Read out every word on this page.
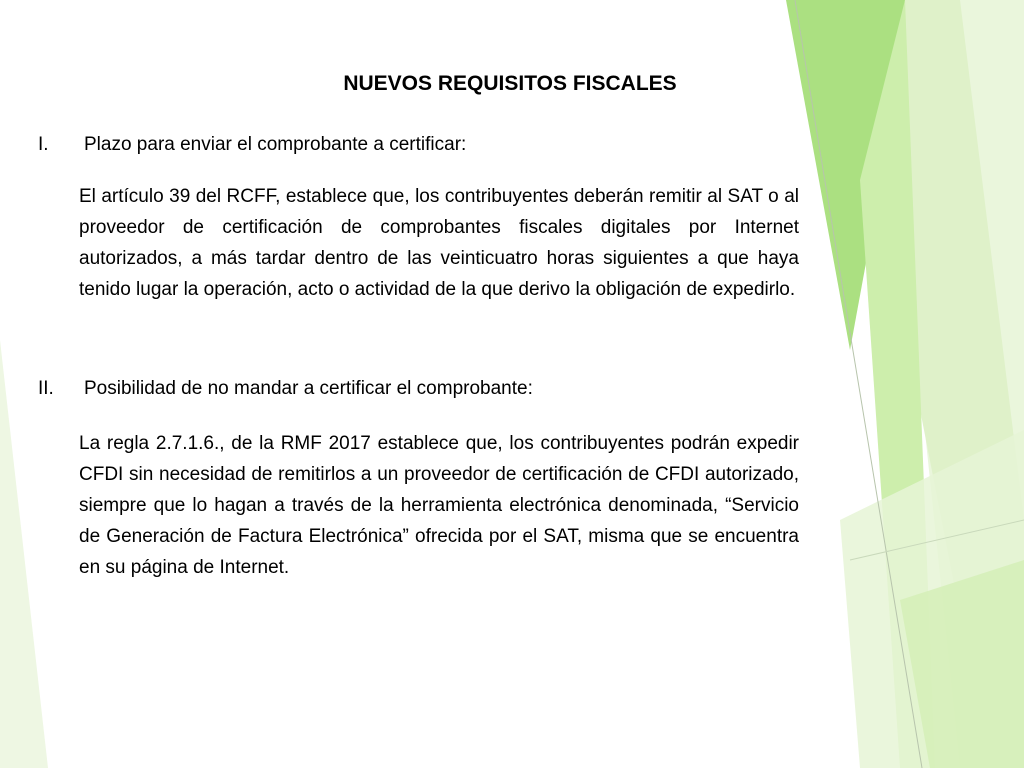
NUEVOS REQUISITOS FISCALES
I. Plazo para enviar el comprobante a certificar:

El artículo 39 del RCFF, establece que, los contribuyentes deberán remitir al SAT o al proveedor de certificación de comprobantes fiscales digitales por Internet autorizados, a más tardar dentro de las veinticuatro horas siguientes a que haya tenido lugar la operación, acto o actividad de la que derivo la obligación de expedirlo.

II. Posibilidad de no mandar a certificar el comprobante:

La regla 2.7.1.6., de la RMF 2017 establece que, los contribuyentes podrán expedir CFDI sin necesidad de remitirlos a un proveedor de certificación de CFDI autorizado, siempre que lo hagan a través de la herramienta electrónica denominada, “Servicio de Generación de Factura Electrónica” ofrecida por el SAT, misma que se encuentra en su página de Internet.
